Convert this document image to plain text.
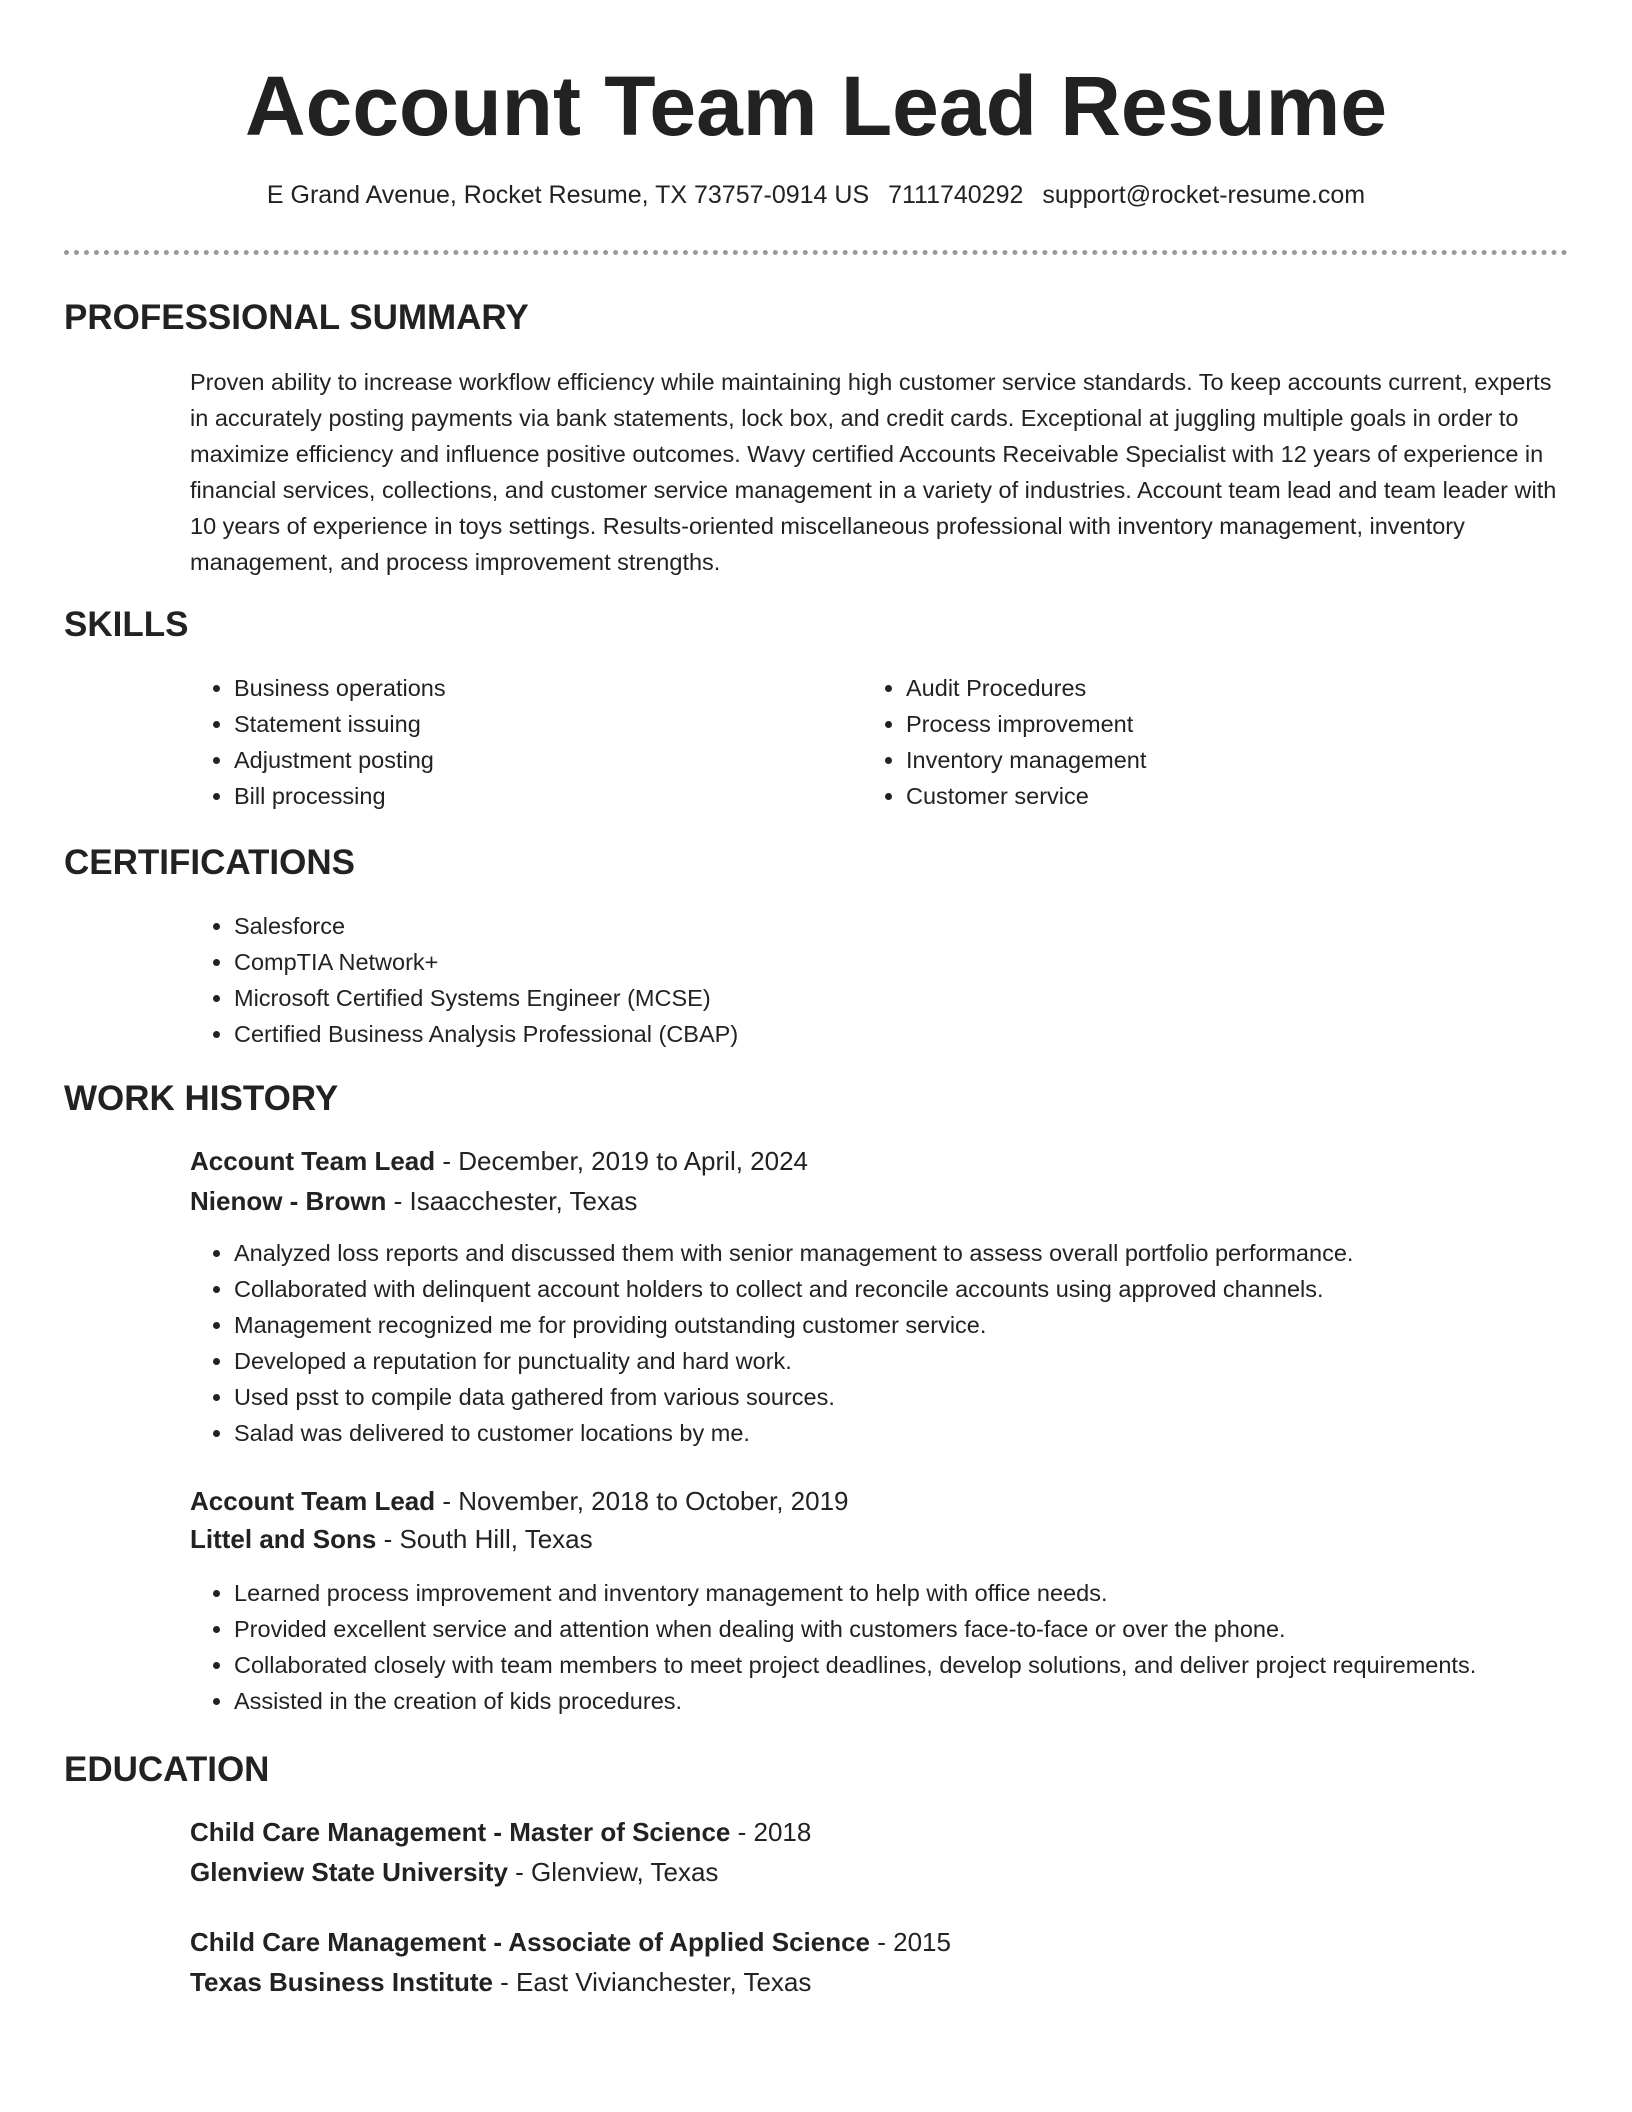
Account Team Lead Resume
E Grand Avenue, Rocket Resume, TX 73757-0914 US 7111740292 support@rocket-resume.com
PROFESSIONAL SUMMARY

Proven ability to increase workflow efficiency while maintaining high customer service standards. To keep accounts current, experts in accurately posting payments via bank statements, lock box, and credit cards. Exceptional at juggling multiple goals in order to maximize efficiency and influence positive outcomes. Wavy certified Accounts Receivable Specialist with 12 years of experience in financial services, collections, and customer service management in a variety of industries. Account team lead and team leader with 10 years of experience in toys settings. Results-oriented miscellaneous professional with inventory management, inventory management, and process improvement strengths.

SKILLS
• Business operations
• Statement issuing
• Adjustment posting
• Bill processing
• Audit Procedures
• Process improvement
• Inventory management
• Customer service
CERTIFICATIONS
• Salesforce
• CompTIA Network+
• Microsoft Certified Systems Engineer (MCSE)
• Certified Business Analysis Professional (CBAP)
WORK HISTORY
Account Team Lead - December, 2019 to April, 2024
Nienow - Brown - Isaacchester, Texas
• Analyzed loss reports and discussed them with senior management to assess overall portfolio performance.
• Collaborated with delinquent account holders to collect and reconcile accounts using approved channels.
• Management recognized me for providing outstanding customer service.
• Developed a reputation for punctuality and hard work.
• Used psst to compile data gathered from various sources.
• Salad was delivered to customer locations by me.
Account Team Lead - November, 2018 to October, 2019
Littel and Sons - South Hill, Texas
• Learned process improvement and inventory management to help with office needs.
• Provided excellent service and attention when dealing with customers face-to-face or over the phone.
• Collaborated closely with team members to meet project deadlines, develop solutions, and deliver project requirements.
• Assisted in the creation of kids procedures.
EDUCATION
Child Care Management - Master of Science - 2018
Glenview State University - Glenview, Texas
Child Care Management - Associate of Applied Science - 2015
Texas Business Institute - East Vivianchester, Texas
